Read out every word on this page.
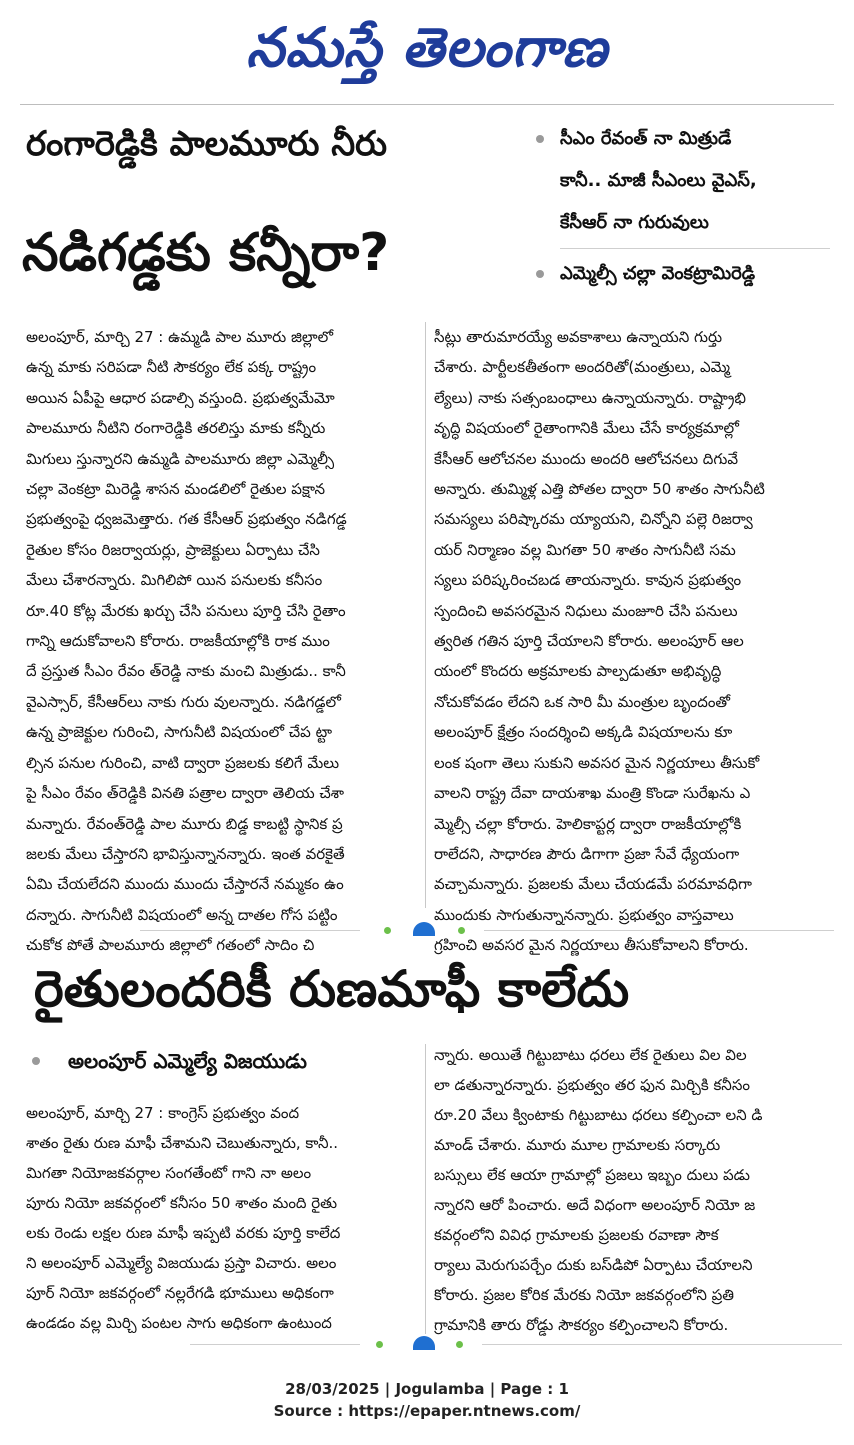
నమస్తే తెలంగాణ
రంగారెడ్డికి పాలమూరు నీరు
నడిగడ్డకు కన్నీరా?
సీఎం రేవంత్ నా మిత్రుడే
కానీ.. మాజీ సీఎంలు వైఎస్,
కేసీఆర్ నా గురువులు
ఎమ్మెల్సీ చల్లా వెంకట్రామిరెడ్డి
అలంపూర్, మార్చి 27 : ఉమ్మడి పాల మూరు జిల్లాలో
ఉన్న మాకు సరిపడా నీటి సౌకర్యం లేక పక్క రాష్ట్రం
అయిన ఏపీపై ఆధార పడాల్సి వస్తుంది. ప్రభుత్వమేమో
పాలమూరు నీటిని రంగారెడ్డికి తరలిస్తు మాకు కన్నీరు
మిగులు స్తున్నారని ఉమ్మడి పాలమూరు జిల్లా ఎమ్మెల్సీ
చల్లా వెంకట్రా మిరెడ్డి శాసన మండలిలో రైతుల పక్షాన
ప్రభుత్వంపై ధ్వజమెత్తారు. గత కేసీఆర్ ప్రభుత్వం నడిగడ్డ
రైతుల కోసం రిజర్వాయర్లు, ప్రాజెక్టులు ఏర్పాటు చేసి
మేలు చేశారన్నారు. మిగిలిపో యిన పనులకు కనీసం
రూ.40 కోట్ల మేరకు ఖర్చు చేసి పనులు పూర్తి చేసి రైతాం
గాన్ని ఆదుకోవాలని కోరారు. రాజకీయాల్లోకి రాక ముం
దే ప్రస్తుత సీఎం రేవం త్‌రెడ్డి నాకు మంచి మిత్రుడు.. కానీ
వైఎస్సార్, కేసీఆర్‌లు నాకు గురు వులన్నారు. నడిగడ్డలో
ఉన్న ప్రాజెక్టుల గురించి, సాగునీటి విషయంలో చేప ట్టా
ల్సిన పనుల గురించి, వాటి ద్వారా ప్రజలకు కలిగే మేలు
పై సీఎం రేవం త్‌రెడ్డికి వినతి పత్రాల ద్వారా తెలియ చేశా
మన్నారు. రేవంత్‌రెడ్డి పాల మూరు బిడ్డ కాబట్టి స్థానిక ప్ర
జలకు మేలు చేస్తారని భావిస్తున్నానన్నారు. ఇంత వరకైతే
ఏమి చేయలేదని ముందు ముందు చేస్తారనే నమ్మకం ఉం
దన్నారు. సాగునీటి విషయంలో అన్న దాతల గోస పట్టిం
చుకోక పోతే పాలమూరు జిల్లాలో గతంలో సాదిం చి
సీట్లు తారుమారయ్యే అవకాశాలు ఉన్నాయని గుర్తు
చేశారు. పార్టీలకతీతంగా అందరితో(మంత్రులు, ఎమ్మె
ల్యేలు) నాకు సత్సంబంధాలు ఉన్నాయన్నారు. రాష్ట్రాభి
వృద్ధి విషయంలో రైతాంగానికి మేలు చేసే కార్యక్రమాల్లో
కేసీఆర్ ఆలోచనల ముందు అందరి ఆలోచనలు దిగువే
అన్నారు. తుమ్మిళ్ల ఎత్తి పోతల ద్వారా 50 శాతం సాగునీటి
సమస్యలు పరిష్కారమ య్యాయని, చిన్నోని పల్లె రిజర్వా
యర్ నిర్మాణం వల్ల మిగతా 50 శాతం సాగునీటి సమ
స్యలు పరిష్కరించబడ తాయన్నారు. కావున ప్రభుత్వం
స్పందించి అవసరమైన నిధులు మంజూరి చేసి పనులు
త్వరిత గతిన పూర్తి చేయాలని కోరారు. అలంపూర్ ఆల
యంలో కొందరు అక్రమాలకు పాల్పడుతూ అభివృద్ధి
నోచుకోవడం లేదని ఒక సారి మీ మంత్రుల బృందంతో
అలంపూర్ క్షేత్రం సందర్శించి అక్కడి విషయాలను కూ
లంక షంగా తెలు సుకుని అవసర మైన నిర్ణయాలు తీసుకో
వాలని రాష్ట్ర దేవా దాయశాఖ మంత్రి కొండా సురేఖను ఎ
మ్మెల్సీ చల్లా కోరారు. హెలికాప్టర్ల ద్వారా రాజకీయాల్లోకి
రాలేదని, సాధారణ పౌరు డిగాగా ప్రజా సేవే ధ్యేయంగా
వచ్చామన్నారు. ప్రజలకు మేలు చేయడమే పరమావధిగా
ముందుకు సాగుతున్నానన్నారు. ప్రభుత్వం వాస్తవాలు
గ్రహించి అవసర మైన నిర్ణయాలు తీసుకోవాలని కోరారు.
రైతులందరికీ రుణమాఫీ కాలేదు
అలంపూర్ ఎమ్మెల్యే విజయుడు
అలంపూర్, మార్చి 27 : కాంగ్రెస్ ప్రభుత్వం వంద
శాతం రైతు రుణ మాఫీ చేశామని చెబుతున్నారు, కానీ..
మిగతా నియోజకవర్గాల సంగతేంటో గాని నా అలం
పూరు నియో జకవర్గంలో కనీసం 50 శాతం మంది రైతు
లకు రెండు లక్షల రుణ మాఫీ ఇప్పటి వరకు పూర్తి కాలేద
ని అలంపూర్ ఎమ్మెల్యే విజయుడు ప్రస్తా విచారు. అలం
పూర్ నియో జకవర్గంలో నల్లరేగడి భూములు అధికంగా
ఉండడం వల్ల మిర్చి పంటల సాగు అధికంగా ఉంటుంద
న్నారు. అయితే గిట్టుబాటు ధరలు లేక రైతులు విల విల
లా డతున్నారన్నారు. ప్రభుత్వం తర ఫున మిర్చికి కనీసం
రూ.20 వేలు క్వింటాకు గిట్టుబాటు ధరలు కల్పించా లని డి
మాండ్ చేశారు. మూరు మూల గ్రామాలకు సర్కారు
బస్సులు లేక ఆయా గ్రామాల్లో ప్రజలు ఇబ్బం దులు పడు
న్నారని ఆరో పించారు. అదే విధంగా అలంపూర్ నియో జ
కవర్గంలోని వివిధ గ్రామాలకు ప్రజలకు రవాణా సౌక
ర్యాలు మెరుగుపర్చేం దుకు బస్‌డిపో ఏర్పాటు చేయాలని
కోరారు. ప్రజల కోరిక మేరకు నియో జకవర్గంలోని ప్రతి
గ్రామానికి తారు రోడ్డు సౌకర్యం కల్పించాలని కోరారు.
28/03/2025 | Jogulamba | Page : 1
Source : https://epaper.ntnews.com/
